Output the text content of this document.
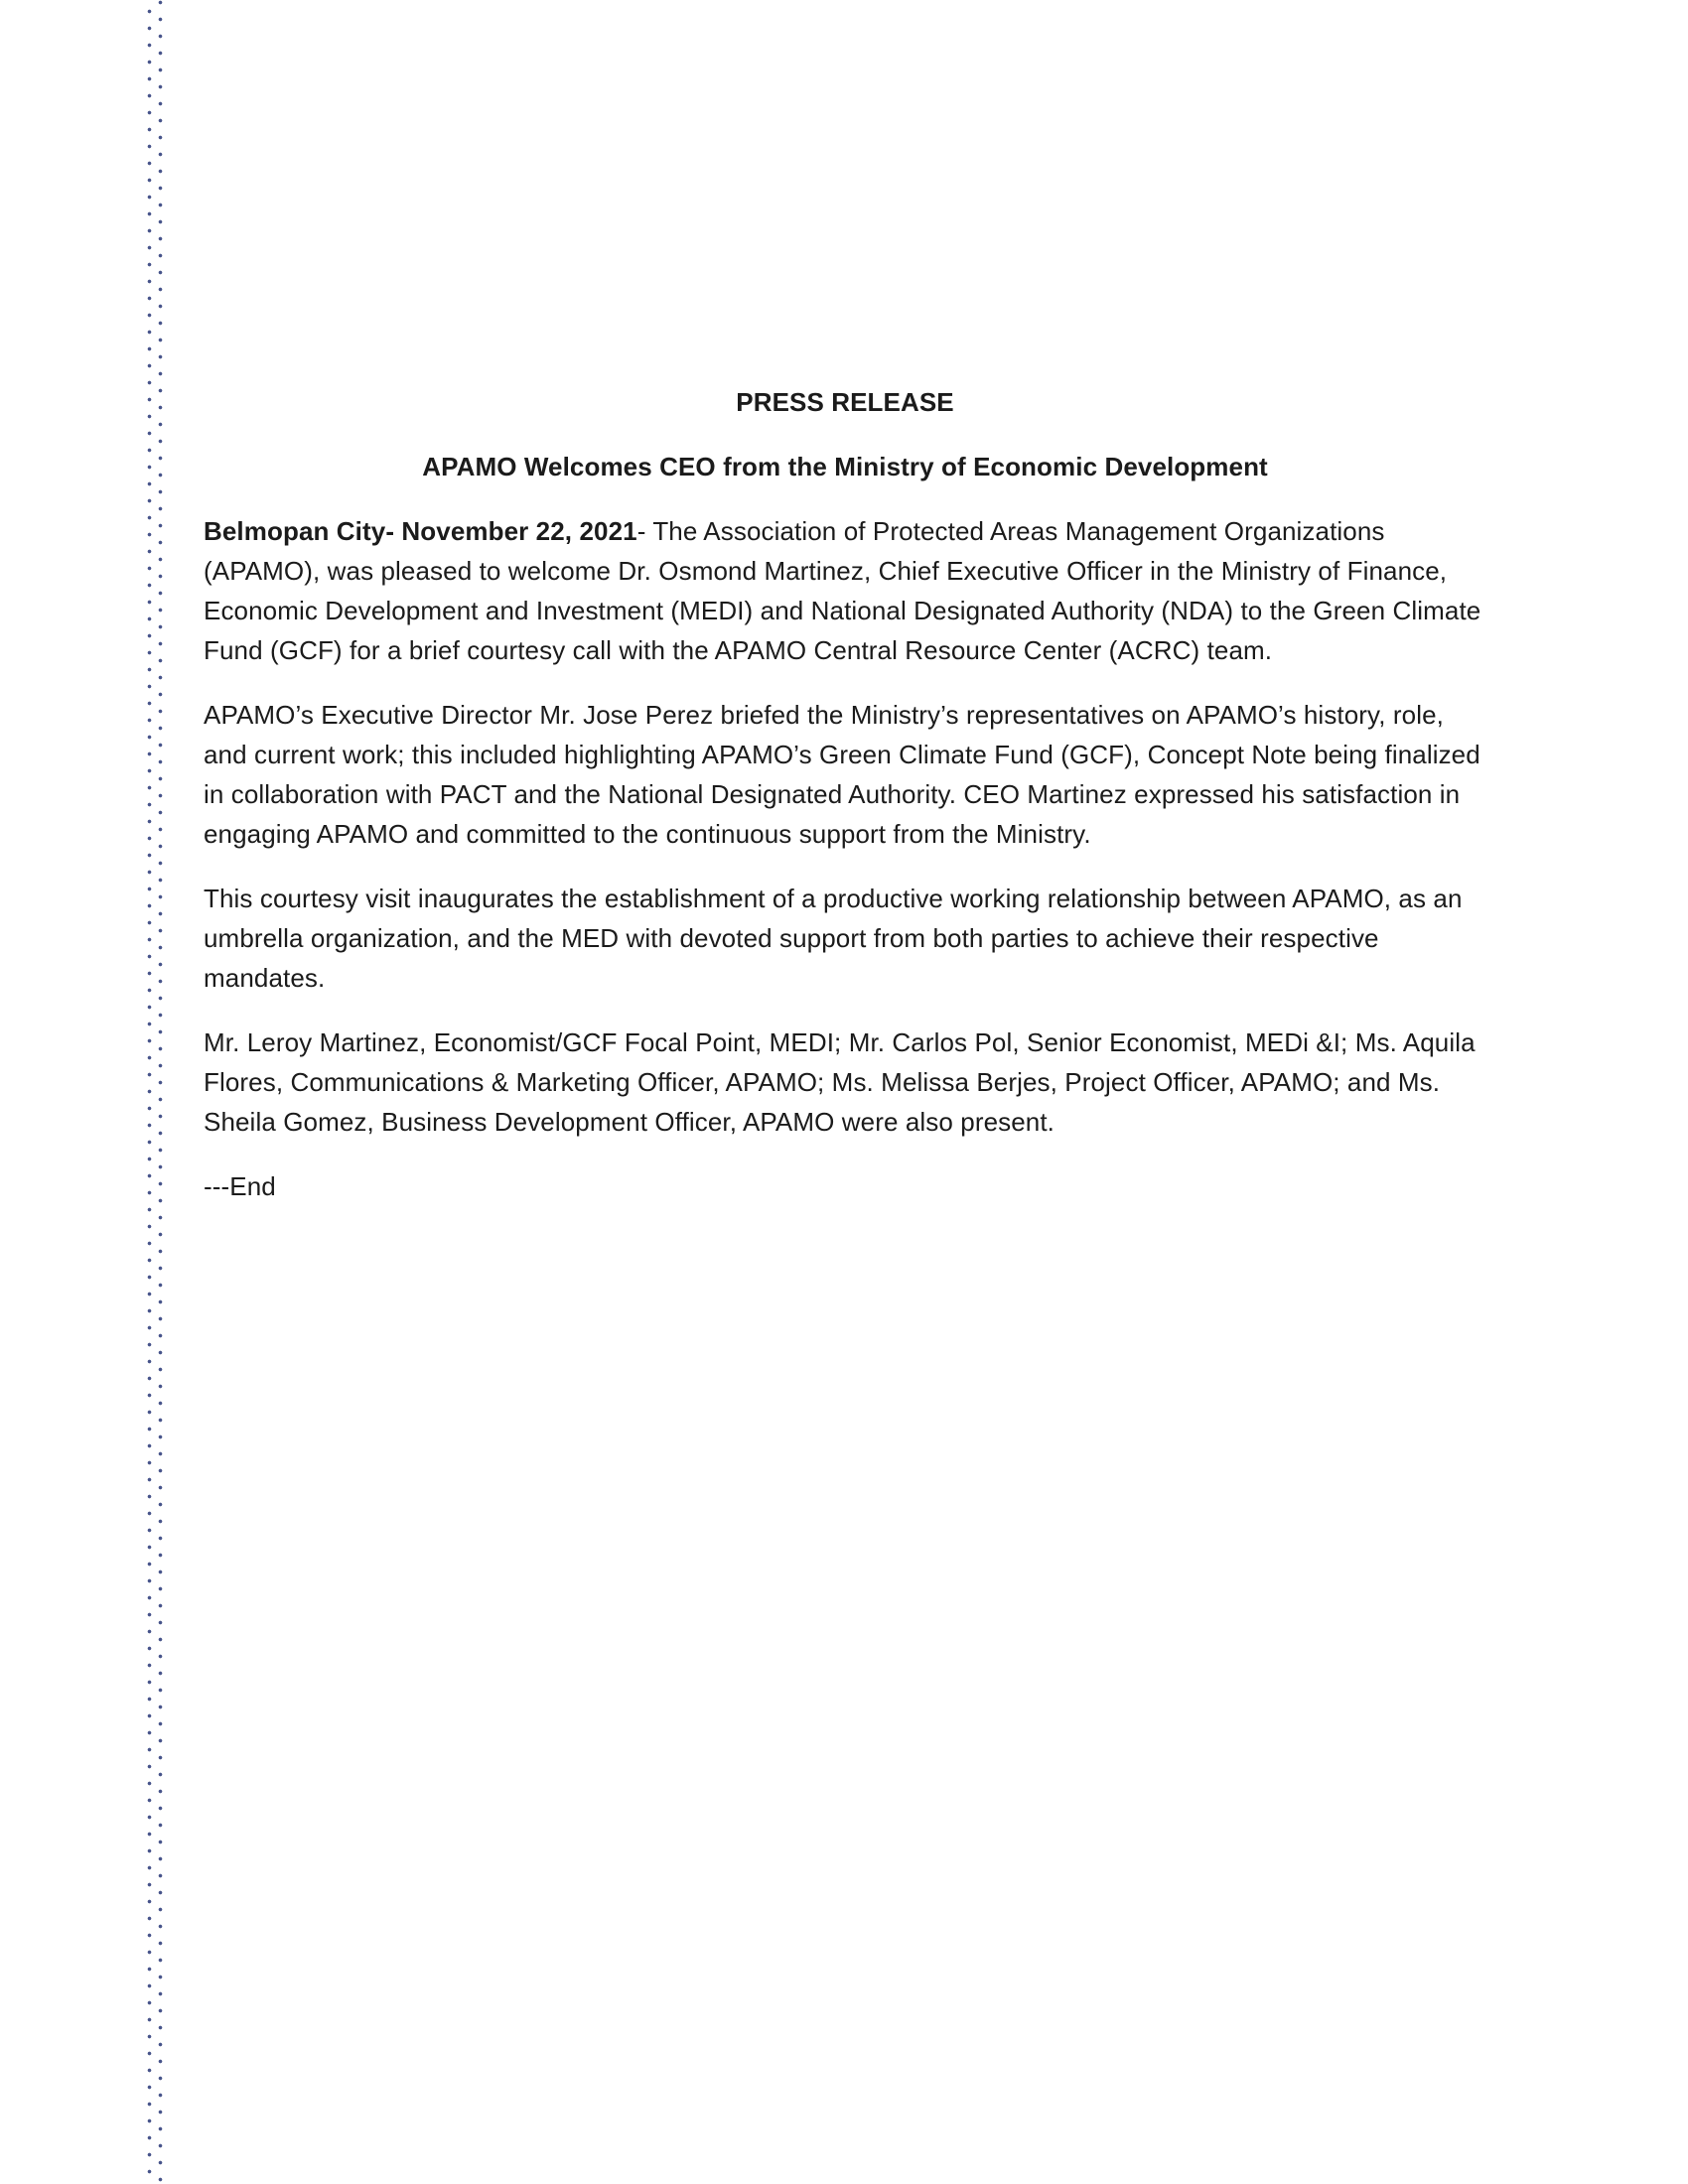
PRESS RELEASE

APAMO Welcomes CEO from the Ministry of Economic Development

Belmopan City- November 22, 2021- The Association of Protected Areas Management Organizations (APAMO), was pleased to welcome Dr. Osmond Martinez, Chief Executive Officer in the Ministry of Finance, Economic Development and Investment (MEDI) and National Designated Authority (NDA) to the Green Climate Fund (GCF) for a brief courtesy call with the APAMO Central Resource Center (ACRC) team.

APAMO’s Executive Director Mr. Jose Perez briefed the Ministry’s representatives on APAMO’s history, role, and current work; this included highlighting APAMO’s Green Climate Fund (GCF), Concept Note being finalized in collaboration with PACT and the National Designated Authority. CEO Martinez expressed his satisfaction in engaging APAMO and committed to the continuous support from the Ministry.

This courtesy visit inaugurates the establishment of a productive working relationship between APAMO, as an umbrella organization, and the MED with devoted support from both parties to achieve their respective mandates.

Mr. Leroy Martinez, Economist/GCF Focal Point, MEDI; Mr. Carlos Pol, Senior Economist, MEDi &I; Ms. Aquila Flores, Communications & Marketing Officer, APAMO; Ms. Melissa Berjes, Project Officer, APAMO; and Ms. Sheila Gomez, Business Development Officer, APAMO were also present.

---End
